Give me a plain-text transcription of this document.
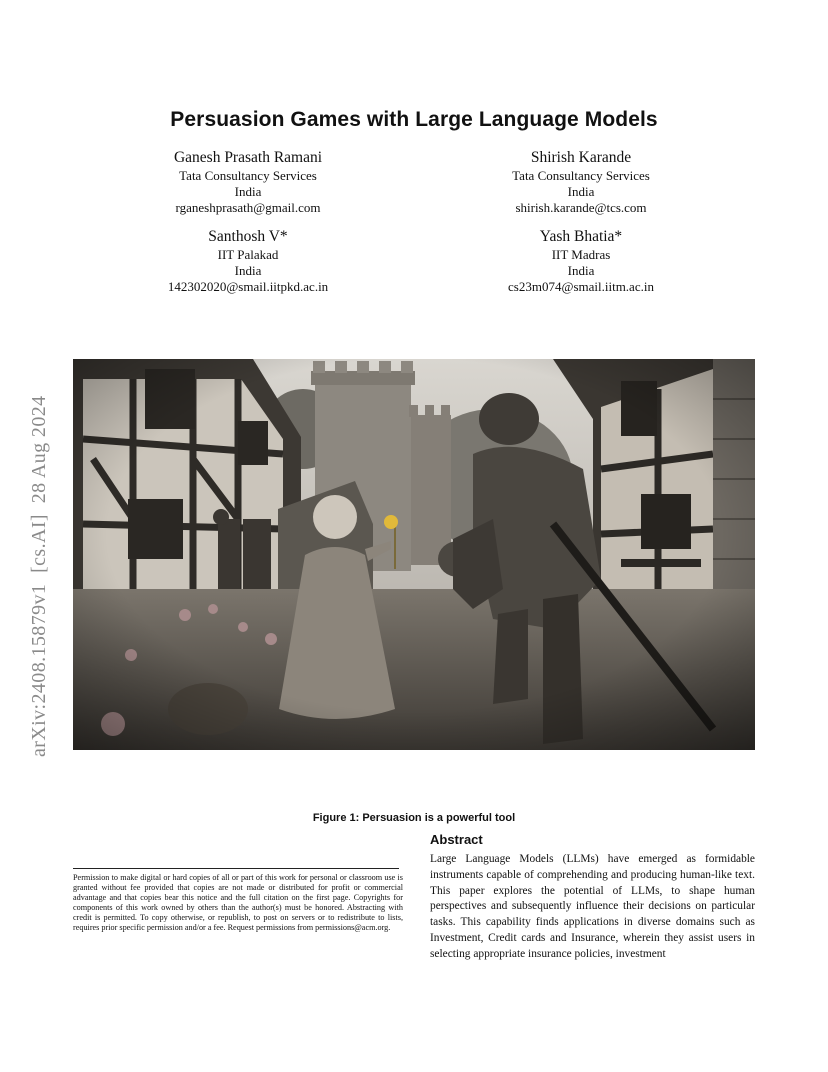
Persuasion Games with Large Language Models
Ganesh Prasath Ramani
Tata Consultancy Services
India
rganeshprasath@gmail.com
Shirish Karande
Tata Consultancy Services
India
shirish.karande@tcs.com
Santhosh V*
IIT Palakad
India
142302020@smail.iitpkd.ac.in
Yash Bhatia*
IIT Madras
India
cs23m074@smail.iitm.ac.in
arXiv:2408.15879v1  [cs.AI]  28 Aug 2024
Figure 1: Persuasion is a powerful tool
Permission to make digital or hard copies of all or part of this work for personal or classroom use is granted without fee provided that copies are not made or distributed for profit or commercial advantage and that copies bear this notice and the full citation on the first page. Copyrights for components of this work owned by others than the author(s) must be honored. Abstracting with credit is permitted. To copy otherwise, or republish, to post on servers or to redistribute to lists, requires prior specific permission and/or a fee. Request permissions from permissions@acm.org.
Abstract
Large Language Models (LLMs) have emerged as formidable instruments capable of comprehending and producing human-like text. This paper explores the potential of LLMs, to shape human perspectives and subsequently influence their decisions on particular tasks. This capability finds applications in diverse domains such as Investment, Credit cards and Insurance, wherein they assist users in selecting appropriate insurance policies, investment
